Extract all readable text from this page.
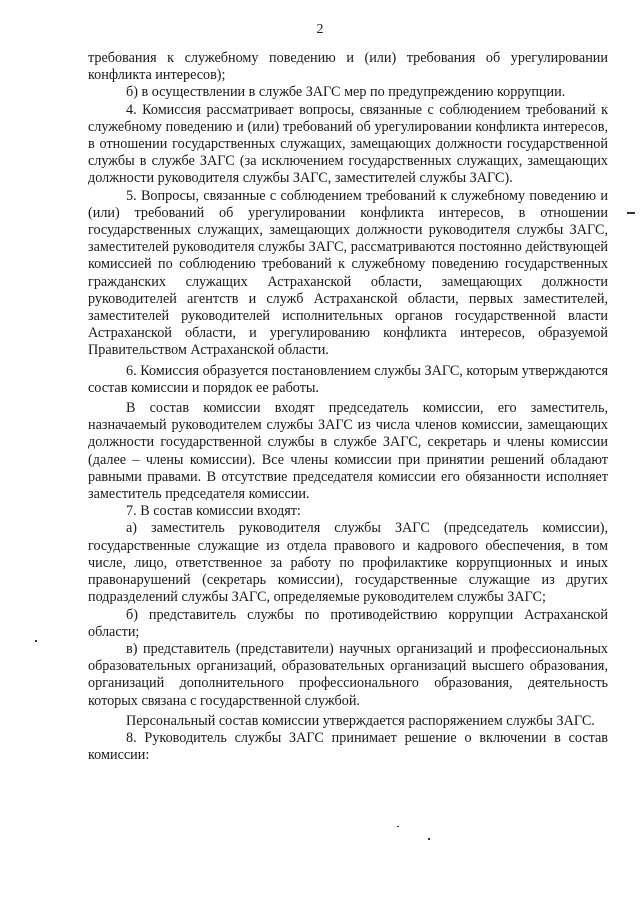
2

требования к служебному поведению и (или) требования об урегулировании конфликта интересов);

б) в осуществлении в службе ЗАГС мер по предупреждению коррупции.

4. Комиссия рассматривает вопросы, связанные с соблюдением требований к служебному поведению и (или) требований об урегулировании конфликта интересов, в отношении государственных служащих, замещающих должности государственной службы в службе ЗАГС (за исключением государственных служащих, замещающих должности руководителя службы ЗАГС, заместителей службы ЗАГС).

5. Вопросы, связанные с соблюдением требований к служебному поведению и (или) требований об урегулировании конфликта интересов, в отношении государственных служащих, замещающих должности руководителя службы ЗАГС, заместителей руководителя службы ЗАГС, рассматриваются постоянно действующей комиссией по соблюдению требований к служебному поведению государственных гражданских служащих Астраханской области, замещающих должности руководителей агентств и служб Астраханской области, первых заместителей, заместителей руководителей исполнительных органов государственной власти Астраханской области, и урегулированию конфликта интересов, образуемой Правительством Астраханской области.

6. Комиссия образуется постановлением службы ЗАГС, которым утверждаются состав комиссии и порядок ее работы.

В состав комиссии входят председатель комиссии, его заместитель, назначаемый руководителем службы ЗАГС из числа членов комиссии, замещающих должности государственной службы в службе ЗАГС, секретарь и члены комиссии (далее – члены комиссии). Все члены комиссии при принятии решений обладают равными правами. В отсутствие председателя комиссии его обязанности исполняет заместитель председателя комиссии.

7. В состав комиссии входят:

а) заместитель руководителя службы ЗАГС (председатель комиссии), государственные служащие из отдела правового и кадрового обеспечения, в том числе, лицо, ответственное за работу по профилактике коррупционных и иных правонарушений (секретарь комиссии), государственные служащие из других подразделений службы ЗАГС, определяемые руководителем службы ЗАГС;

б) представитель службы по противодействию коррупции Астраханской области;

в) представитель (представители) научных организаций и профессиональных образовательных организаций, образовательных организаций высшего образования, организаций дополнительного профессионального образования, деятельность которых связана с государственной службой.

Персональный состав комиссии утверждается распоряжением службы ЗАГС.

8. Руководитель службы ЗАГС принимает решение о включении в состав комиссии:
